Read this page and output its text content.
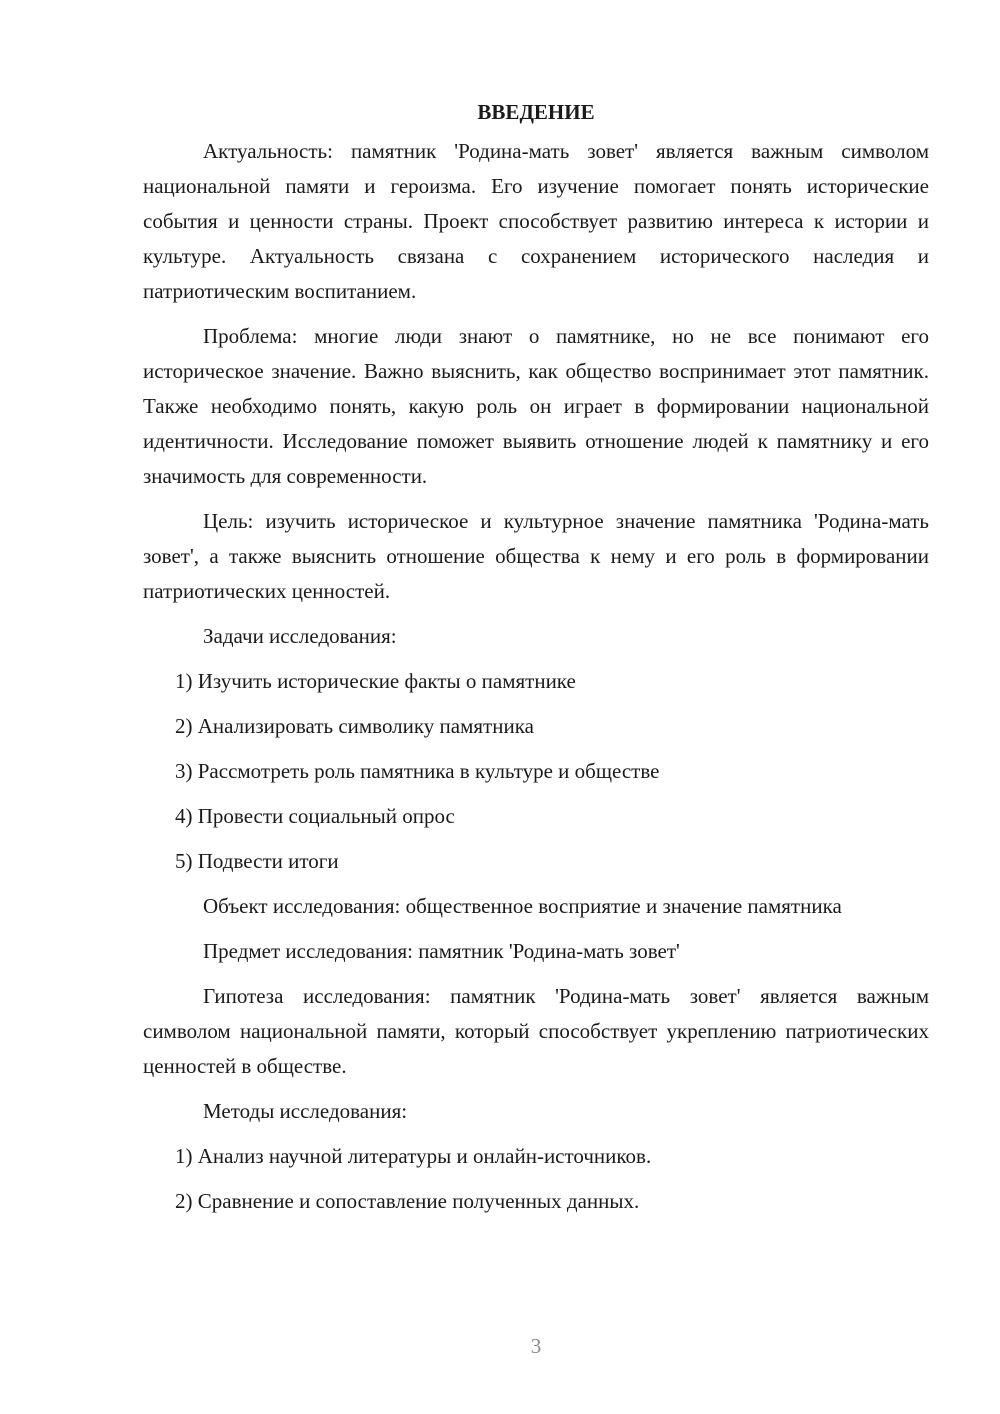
ВВЕДЕНИЕ

Актуальность: памятник 'Родина-мать зовет' является важным символом национальной памяти и героизма. Его изучение помогает понять исторические события и ценности страны. Проект способствует развитию интереса к истории и культуре. Актуальность связана с сохранением исторического наследия и патриотическим воспитанием.

Проблема: многие люди знают о памятнике, но не все понимают его историческое значение. Важно выяснить, как общество воспринимает этот памятник. Также необходимо понять, какую роль он играет в формировании национальной идентичности. Исследование поможет выявить отношение людей к памятнику и его значимость для современности.

Цель: изучить историческое и культурное значение памятника 'Родина-мать зовет', а также выяснить отношение общества к нему и его роль в формировании патриотических ценностей.

Задачи исследования:

1) Изучить исторические факты о памятнике

2) Анализировать символику памятника

3) Рассмотреть роль памятника в культуре и обществе

4) Провести социальный опрос

5) Подвести итоги

Объект исследования: общественное восприятие и значение памятника

Предмет исследования: памятник 'Родина-мать зовет'

Гипотеза исследования: памятник 'Родина-мать зовет' является важным символом национальной памяти, который способствует укреплению патриотических ценностей в обществе.

Методы исследования:

1) Анализ научной литературы и онлайн-источников.

2) Сравнение и сопоставление полученных данных.

3
